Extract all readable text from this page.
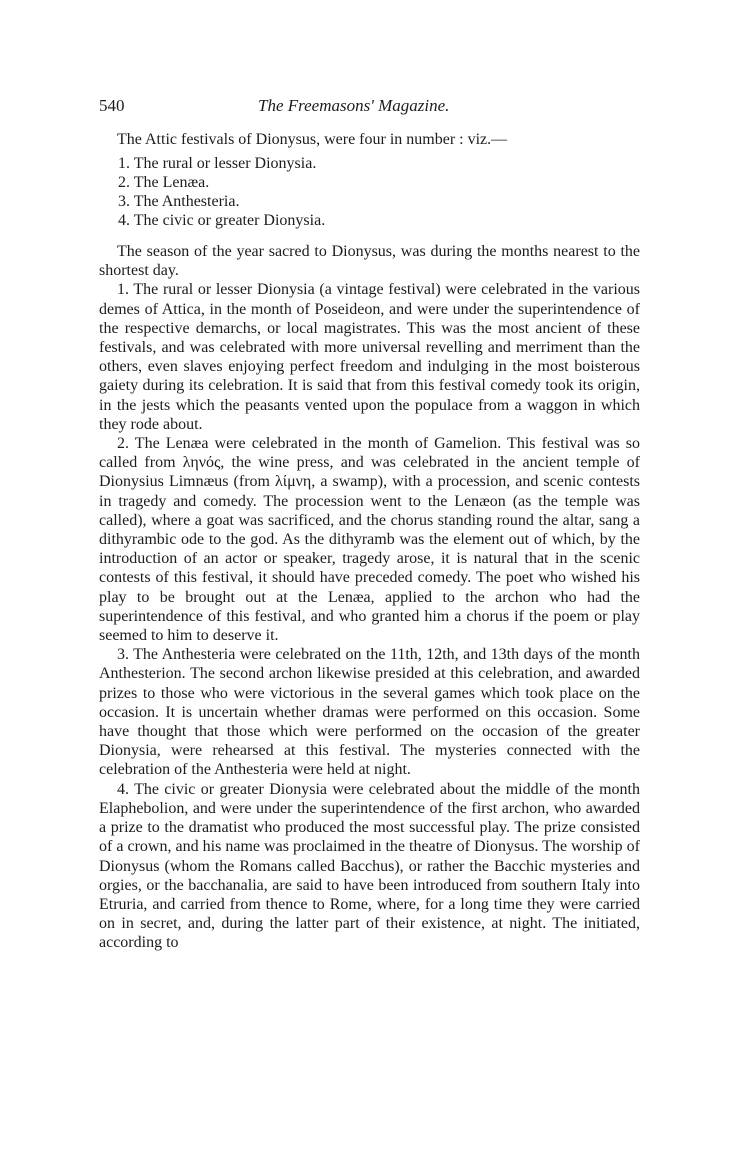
540	The Freemasons' Magazine.

The Attic festivals of Dionysus, were four in number : viz.—

1. The rural or lesser Dionysia.
2. The Lenæa.
3. The Anthesteria.
4. The civic or greater Dionysia.

The season of the year sacred to Dionysus, was during the months nearest to the shortest day.

1. The rural or lesser Dionysia (a vintage festival) were celebrated in the various demes of Attica, in the month of Poseideon, and were under the superintendence of the respective demarchs, or local magistrates. This was the most ancient of these festivals, and was celebrated with more universal revelling and merriment than the others, even slaves enjoying perfect freedom and indulging in the most boisterous gaiety during its celebration. It is said that from this festival comedy took its origin, in the jests which the peasants vented upon the populace from a waggon in which they rode about.

2. The Lenæa were celebrated in the month of Gamelion. This festival was so called from ληνός, the wine press, and was celebrated in the ancient temple of Dionysius Limnæus (from λίμνη, a swamp), with a procession, and scenic contests in tragedy and comedy. The procession went to the Lenæon (as the temple was called), where a goat was sacrificed, and the chorus standing round the altar, sang a dithyrambic ode to the god. As the dithyramb was the element out of which, by the introduction of an actor or speaker, tragedy arose, it is natural that in the scenic contests of this festival, it should have preceded comedy. The poet who wished his play to be brought out at the Lenæa, applied to the archon who had the superintendence of this festival, and who granted him a chorus if the poem or play seemed to him to deserve it.

3. The Anthesteria were celebrated on the 11th, 12th, and 13th days of the month Anthesterion. The second archon likewise presided at this celebration, and awarded prizes to those who were victorious in the several games which took place on the occasion. It is uncertain whether dramas were performed on this occasion. Some have thought that those which were performed on the occasion of the greater Dionysia, were rehearsed at this festival. The mysteries connected with the celebration of the Anthesteria were held at night.

4. The civic or greater Dionysia were celebrated about the middle of the month Elaphebolion, and were under the superintendence of the first archon, who awarded a prize to the dramatist who produced the most successful play. The prize consisted of a crown, and his name was proclaimed in the theatre of Dionysus. The worship of Dionysus (whom the Romans called Bacchus), or rather the Bacchic mysteries and orgies, or the bacchanalia, are said to have been introduced from southern Italy into Etruria, and carried from thence to Rome, where, for a long time they were carried on in secret, and, during the latter part of their existence, at night. The initiated, according to
